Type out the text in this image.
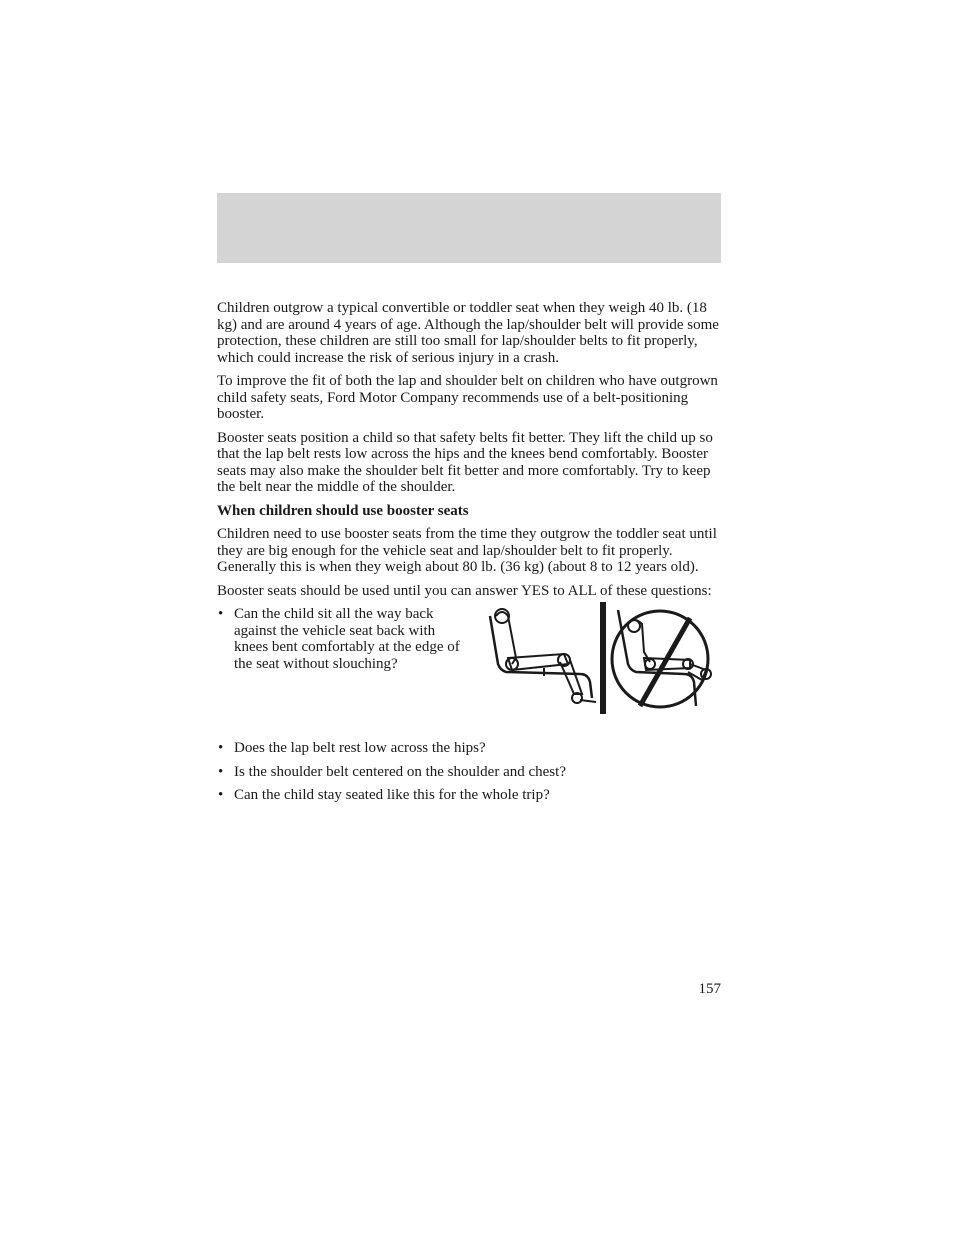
Children outgrow a typical convertible or toddler seat when they weigh 40 lb. (18 kg) and are around 4 years of age. Although the lap/shoulder belt will provide some protection, these children are still too small for lap/shoulder belts to fit properly, which could increase the risk of serious injury in a crash.

To improve the fit of both the lap and shoulder belt on children who have outgrown child safety seats, Ford Motor Company recommends use of a belt-positioning booster.

Booster seats position a child so that safety belts fit better. They lift the child up so that the lap belt rests low across the hips and the knees bend comfortably. Booster seats may also make the shoulder belt fit better and more comfortably. Try to keep the belt near the middle of the shoulder.

When children should use booster seats

Children need to use booster seats from the time they outgrow the toddler seat until they are big enough for the vehicle seat and lap/shoulder belt to fit properly. Generally this is when they weigh about 80 lb. (36 kg) (about 8 to 12 years old).

Booster seats should be used until you can answer YES to ALL of these questions:

• Can the child sit all the way back against the vehicle seat back with knees bent comfortably at the edge of the seat without slouching?
• Does the lap belt rest low across the hips?
• Is the shoulder belt centered on the shoulder and chest?
• Can the child stay seated like this for the whole trip?
157
